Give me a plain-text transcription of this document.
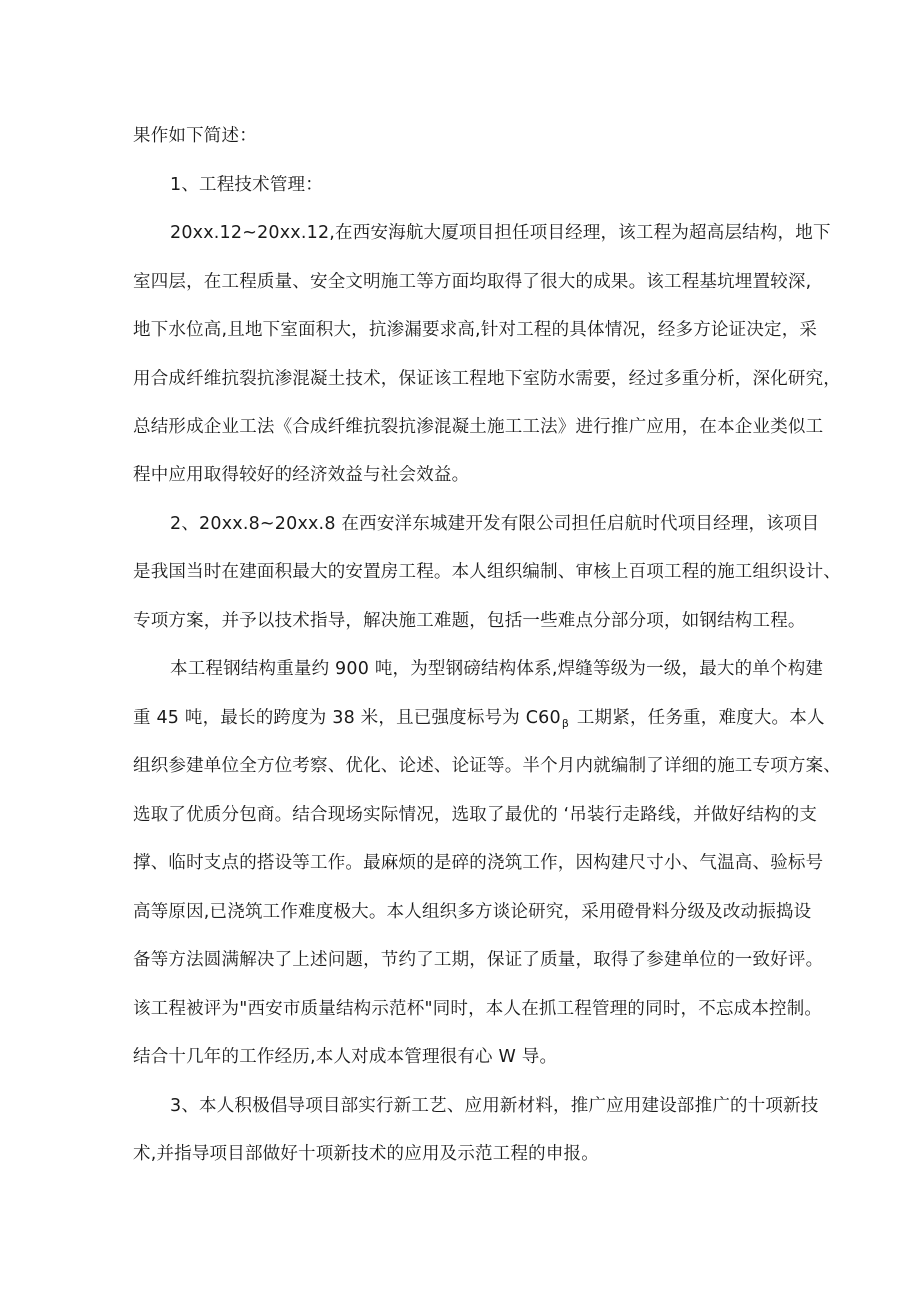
果作如下简述：
1、工程技术管理：
20xx.12~20xx.12,在西安海航大厦项目担任项目经理，该工程为超高层结构，地下
室四层，在工程质量、安全文明施工等方面均取得了很大的成果。该工程基坑埋置较深,
地下水位高,且地下室面积大，抗渗漏要求高,针对工程的具体情况，经多方论证决定，采
用合成纤维抗裂抗渗混凝土技术，保证该工程地下室防水需要，经过多重分析，深化研究，
总结形成企业工法《合成纤维抗裂抗渗混凝土施工工法》进行推广应用，在本企业类似工
程中应用取得较好的经济效益与社会效益。
2、20xx.8~20xx.8 在西安洋东城建开发有限公司担任启航时代项目经理，该项目
是我国当时在建面积最大的安置房工程。本人组织编制、审核上百项工程的施工组织设计、
专项方案，并予以技术指导，解决施工难题，包括一些难点分部分项，如钢结构工程。
本工程钢结构重量约 900 吨，为型钢磅结构体系,焊缝等级为一级，最大的单个构建
重 45 吨，最长的跨度为 38 米，且已强度标号为 $C60_\beta$ 工期紧，任务重，难度大。本人
组织参建单位全方位考察、优化、论述、论证等。半个月内就编制了详细的施工专项方案、
选取了优质分包商。结合现场实际情况，选取了最优的 ‘吊装行走路线，并做好结构的支
撑、临时支点的搭设等工作。最麻烦的是碎的浇筑工作，因构建尺寸小、气温高、验标号
高等原因,已浇筑工作难度极大。本人组织多方谈论研究，采用磴骨料分级及改动振捣设
备等方法圆满解决了上述问题，节约了工期，保证了质量，取得了参建单位的一致好评。
该工程被评为"西安市质量结构示范杯"同时，本人在抓工程管理的同时，不忘成本控制。
结合十几年的工作经历,本人对成本管理很有心 W 导。
3、本人积极倡导项目部实行新工艺、应用新材料，推广应用建设部推广的十项新技
术,并指导项目部做好十项新技术的应用及示范工程的申报。
